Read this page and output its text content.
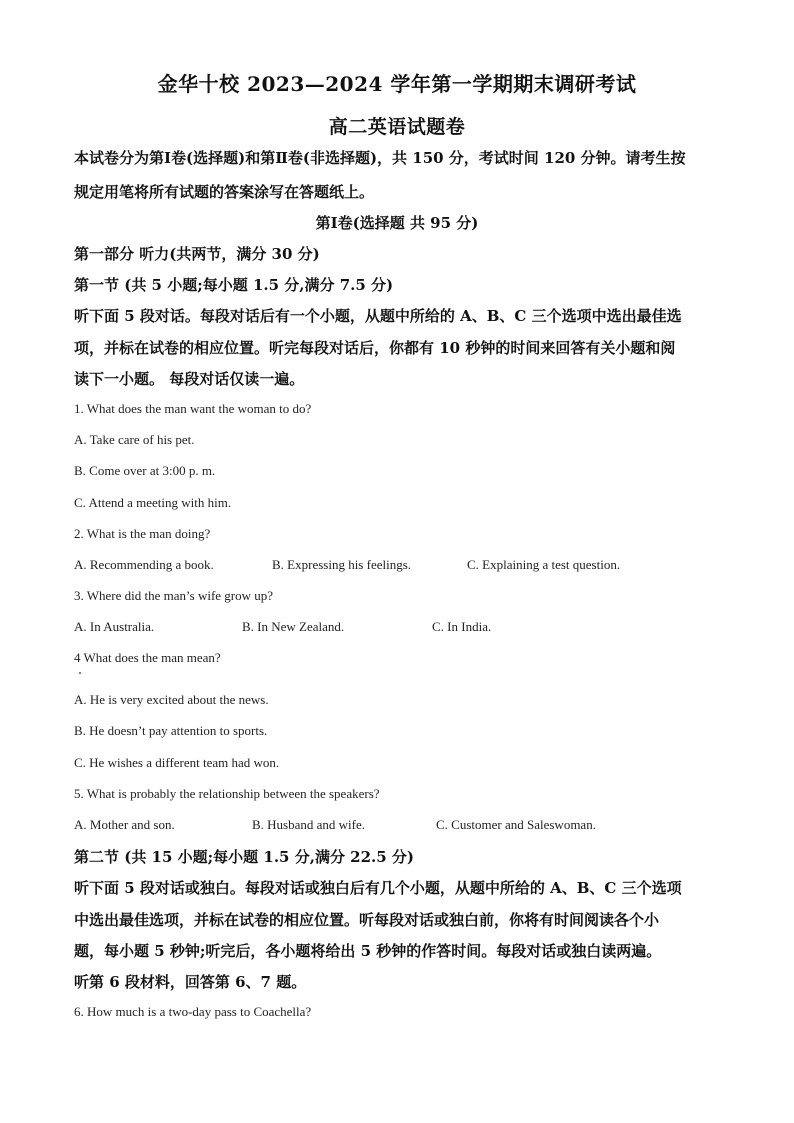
金华十校 2023—2024 学年第一学期期末调研考试
高二英语试题卷
本试卷分为第Ⅰ卷(选择题)和第Ⅱ卷(非选择题)，共 150 分，考试时间 120 分钟。请考生按
规定用笔将所有试题的答案涂写在答题纸上。
第Ⅰ卷(选择题 共 95 分)
第一部分 听力(共两节，满分 30 分)
第一节 (共 5 小题;每小题 1.5 分,满分 7.5 分)
听下面 5 段对话。每段对话后有一个小题，从题中所给的 A、B、C 三个选项中选出最佳选
项，并标在试卷的相应位置。听完每段对话后，你都有 10 秒钟的时间来回答有关小题和阅
读下一小题。 每段对话仅读一遍。
1. What does the man want the woman to do?
A. Take care of his pet.
B. Come over at 3:00 p. m.
C. Attend a meeting with him.
2. What is the man doing?
A. Recommending a book.	B. Expressing his feelings.	C. Explaining a test question.
3. Where did the man’s wife grow up?
A. In Australia.	B. In New Zealand.	C. In India.
4 What does the man mean?
A. He is very excited about the news.
B. He doesn’t pay attention to sports.
C. He wishes a different team had won.
5. What is probably the relationship between the speakers?
A. Mother and son.	B. Husband and wife.	C. Customer and Saleswoman.
第二节 (共 15 小题;每小题 1.5 分,满分 22.5 分)
听下面 5 段对话或独白。每段对话或独白后有几个小题，从题中所给的 A、B、C 三个选项
中选出最佳选项，并标在试卷的相应位置。听每段对话或独白前，你将有时间阅读各个小
题，每小题 5 秒钟;听完后，各小题将给出 5 秒钟的作答时间。每段对话或独白读两遍。
听第 6 段材料，回答第 6、7 题。
6. How much is a two-day pass to Coachella?
